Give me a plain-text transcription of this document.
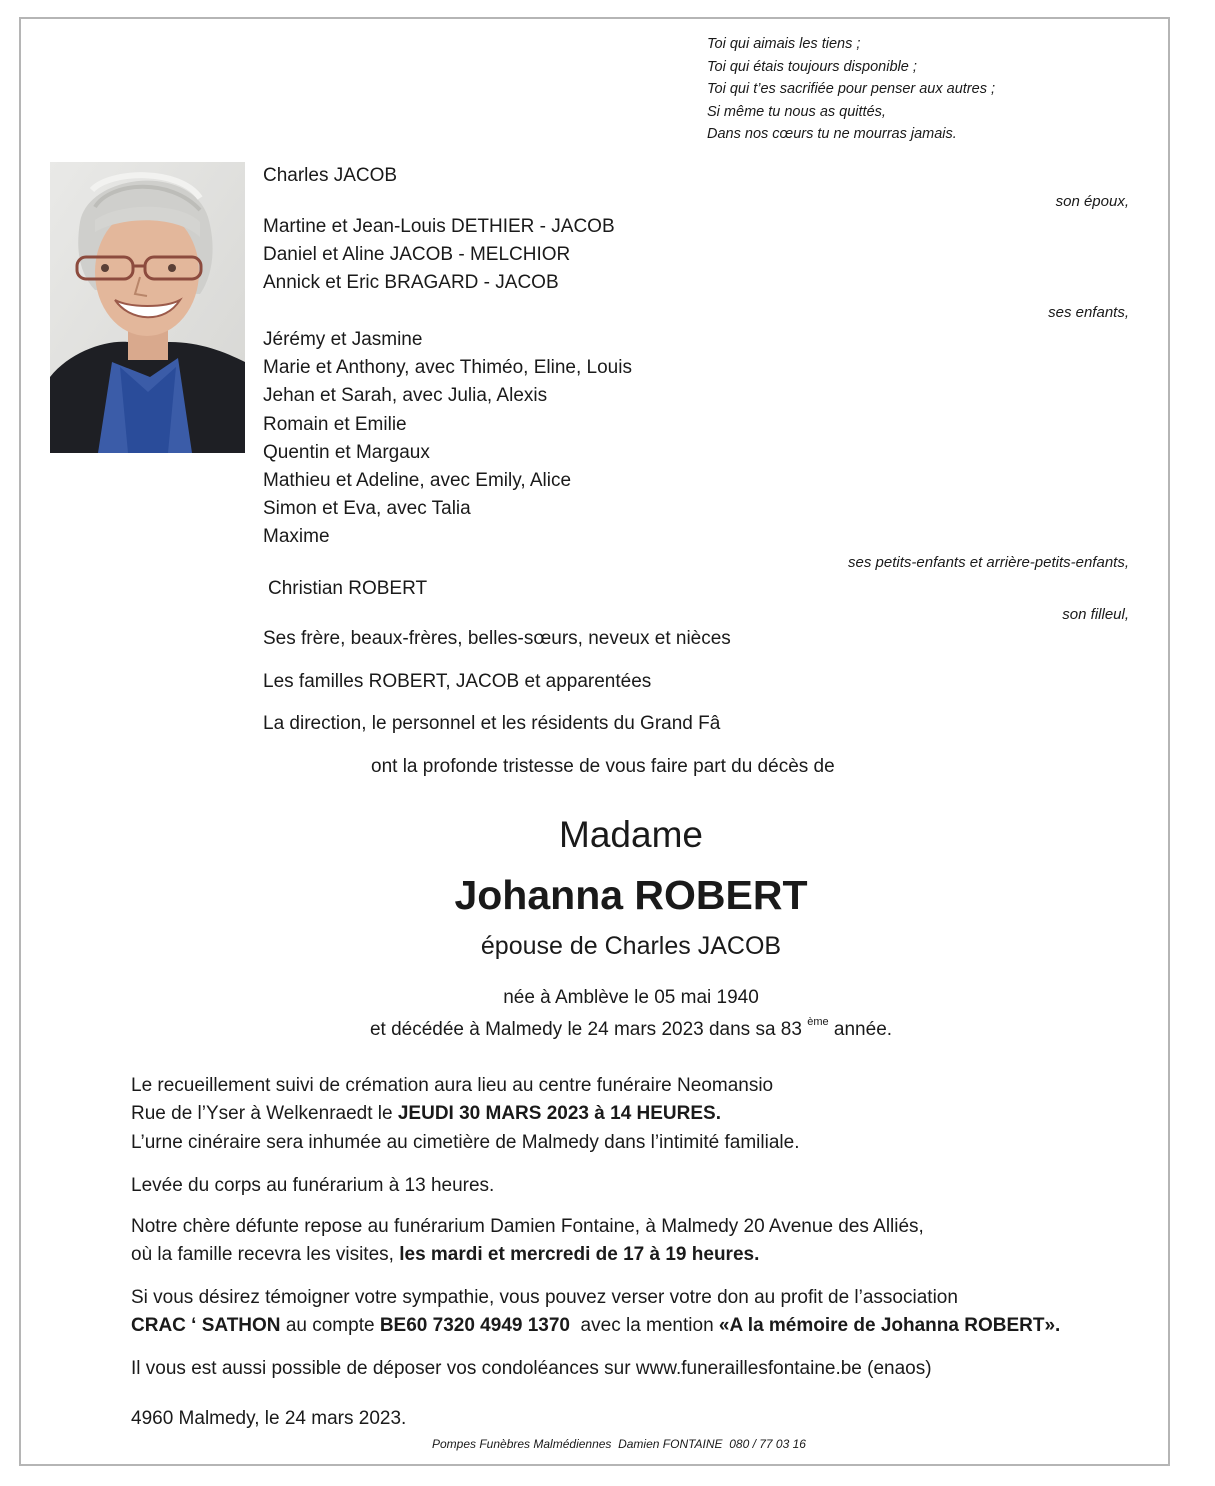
Toi qui aimais les tiens ;
Toi qui étais toujours disponible ;
Toi qui t’es sacrifiée pour penser aux autres ;
Si même tu nous as quittés,
Dans nos cœurs tu ne mourras jamais.
Charles JACOB
son époux,
Martine et Jean-Louis DETHIER - JACOB
Daniel et Aline JACOB - MELCHIOR
Annick et Eric BRAGARD - JACOB
ses enfants,
Jérémy et Jasmine
Marie et Anthony, avec Thiméo, Eline, Louis
Jehan et Sarah, avec Julia, Alexis
Romain et Emilie
Quentin et Margaux
Mathieu et Adeline, avec Emily, Alice
Simon et Eva, avec Talia
Maxime
ses petits-enfants et arrière-petits-enfants,
Christian ROBERT
son filleul,
Ses frère, beaux-frères, belles-sœurs, neveux et nièces
Les familles ROBERT, JACOB et apparentées
La direction, le personnel et les résidents du Grand Fâ
ont la profonde tristesse de vous faire part du décès de
Madame
Johanna ROBERT
épouse de Charles JACOB
née à Amblève le 05 mai 1940
et décédée à Malmedy le 24 mars 2023 dans sa 83 $^{ème}$ année.
Le recueillement suivi de crémation aura lieu au centre funéraire Neomansio
Rue de l’Yser à Welkenraedt le JEUDI 30 MARS 2023 à 14 HEURES.
L’urne cinéraire sera inhumée au cimetière de Malmedy dans l’intimité familiale.
Levée du corps au funérarium à 13 heures.
Notre chère défunte repose au funérarium Damien Fontaine, à Malmedy 20 Avenue des Alliés,
où la famille recevra les visites, les mardi et mercredi de 17 à 19 heures.
Si vous désirez témoigner votre sympathie, vous pouvez verser votre don au profit de l’association
CRAC ‘ SATHON au compte BE60 7320 4949 1370  avec la mention «A la mémoire de Johanna ROBERT».
Il vous est aussi possible de déposer vos condoléances sur www.funeraillesfontaine.be (enaos)
4960 Malmedy, le 24 mars 2023.
Pompes Funèbres Malmédiennes  Damien FONTAINE  080 / 77 03 16
